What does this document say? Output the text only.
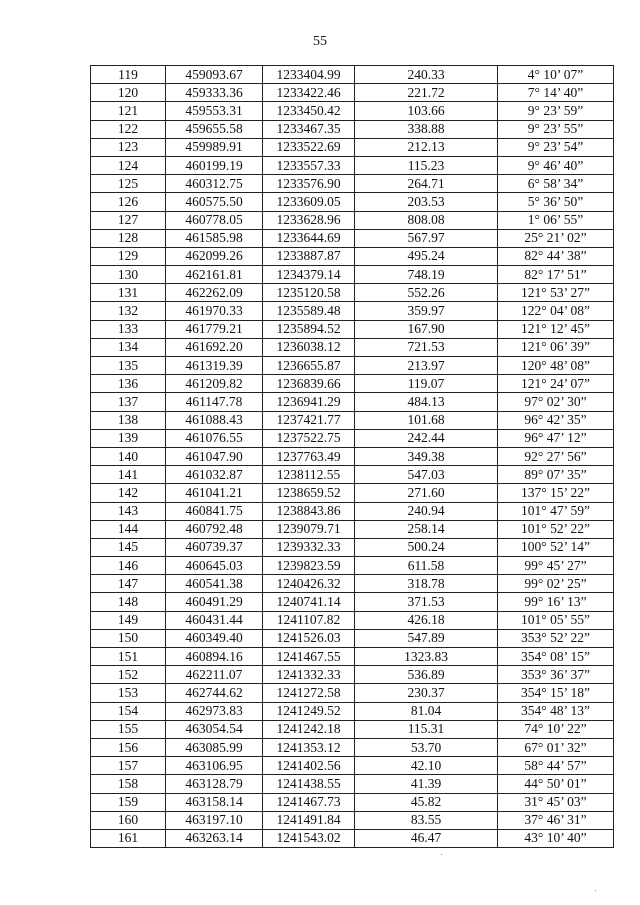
55
119	459093.67	1233404.99	240.33	4° 10’ 07”
120	459333.36	1233422.46	221.72	7° 14’ 40”
121	459553.31	1233450.42	103.66	9° 23’ 59”
122	459655.58	1233467.35	338.88	9° 23’ 55”
123	459989.91	1233522.69	212.13	9° 23’ 54”
124	460199.19	1233557.33	115.23	9° 46’ 40”
125	460312.75	1233576.90	264.71	6° 58’ 34”
126	460575.50	1233609.05	203.53	5° 36’ 50”
127	460778.05	1233628.96	808.08	1° 06’ 55”
128	461585.98	1233644.69	567.97	25° 21’ 02”
129	462099.26	1233887.87	495.24	82° 44’ 38”
130	462161.81	1234379.14	748.19	82° 17’ 51”
131	462262.09	1235120.58	552.26	121° 53’ 27”
132	461970.33	1235589.48	359.97	122° 04’ 08”
133	461779.21	1235894.52	167.90	121° 12’ 45”
134	461692.20	1236038.12	721.53	121° 06’ 39”
135	461319.39	1236655.87	213.97	120° 48’ 08”
136	461209.82	1236839.66	119.07	121° 24’ 07”
137	461147.78	1236941.29	484.13	97° 02’ 30”
138	461088.43	1237421.77	101.68	96° 42’ 35”
139	461076.55	1237522.75	242.44	96° 47’ 12”
140	461047.90	1237763.49	349.38	92° 27’ 56”
141	461032.87	1238112.55	547.03	89° 07’ 35”
142	461041.21	1238659.52	271.60	137° 15’ 22”
143	460841.75	1238843.86	240.94	101° 47’ 59”
144	460792.48	1239079.71	258.14	101° 52’ 22”
145	460739.37	1239332.33	500.24	100° 52’ 14”
146	460645.03	1239823.59	611.58	99° 45’ 27”
147	460541.38	1240426.32	318.78	99° 02’ 25”
148	460491.29	1240741.14	371.53	99° 16’ 13”
149	460431.44	1241107.82	426.18	101° 05’ 55”
150	460349.40	1241526.03	547.89	353° 52’ 22”
151	460894.16	1241467.55	1323.83	354° 08’ 15”
152	462211.07	1241332.33	536.89	353° 36’ 37”
153	462744.62	1241272.58	230.37	354° 15’ 18”
154	462973.83	1241249.52	81.04	354° 48’ 13”
155	463054.54	1241242.18	115.31	74° 10’ 22”
156	463085.99	1241353.12	53.70	67° 01’ 32”
157	463106.95	1241402.56	42.10	58° 44’ 57”
158	463128.79	1241438.55	41.39	44° 50’ 01”
159	463158.14	1241467.73	45.82	31° 45’ 03”
160	463197.10	1241491.84	83.55	37° 46’ 31”
161	463263.14	1241543.02	46.47	43° 10’ 40”
